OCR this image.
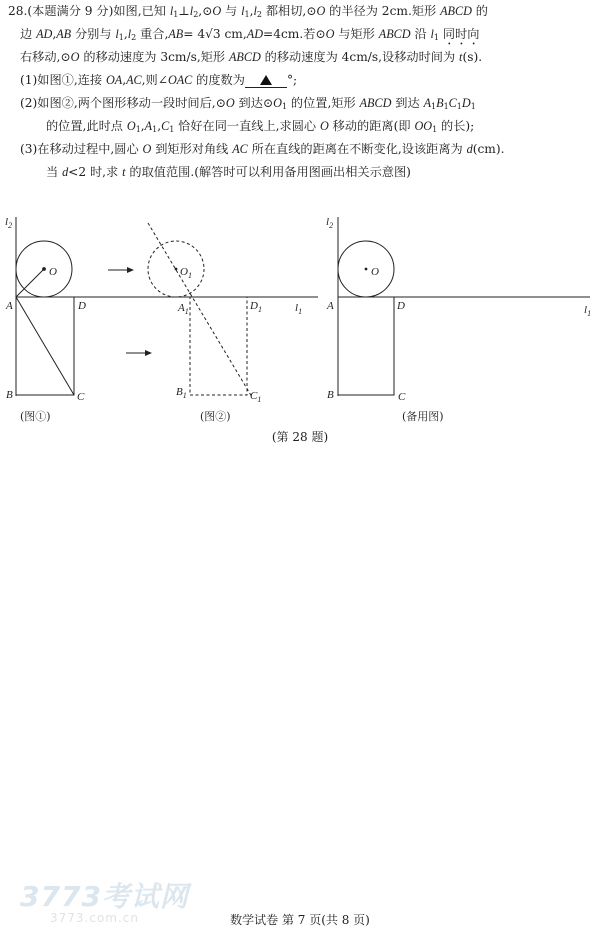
28.(本题满分 9 分)如图,已知 $l_1\perp l_2,⊙O$ 与 $l_1,l_2$ 都相切,⊙O 的半径为 2cm.矩形 ABCD 的
边 AD,AB 分别与 $l_1,l_2$ 重合,AB= 4√3 cm,AD=4cm.若⊙O 与矩形 ABCD 沿 $l_1$ 同时向
右移动,⊙O 的移动速度为 3cm/s,矩形 ABCD 的移动速度为 4cm/s,设移动时间为 t(s).
(1)如图①,连接 OA,AC,则∠OAC 的度数为	°;
(2)如图②,两个图形移动一段时间后,⊙O 到达$⊙O_1$ 的位置,矩形 ABCD 到达 $A_1B_1C_1D_1$
的位置,此时点 $O_1,A_1,C_1$ 恰好在同一直线上,求圆心 O 移动的距离(即 $OO_1$ 的长);
(3)在移动过程中,圆心 O 到矩形对角线 AC 所在直线的距离在不断变化,设该距离为 d(cm).
当 d<2 时,求 t 的取值范围.(解答时可以利用备用图画出相关示意图)
$l_2$
O
A	D
B	C
(图①)
$O_1$
$A_1$	$D_1$	$l_1$
$B_1$	$C_1$
(图②)
$l_2$
O
A	D	$l_1$
B	C
(备用图)
(第 28 题)
3773考试网
3773.com.cn	数学试卷 第 7 页(共 8 页)
